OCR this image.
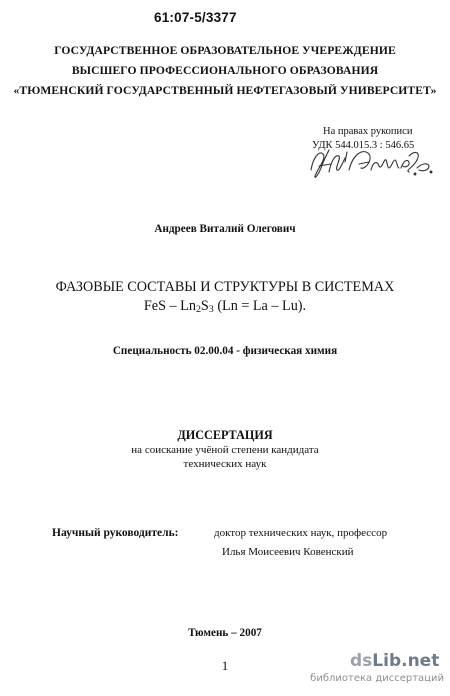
61:07-5/3377
ГОСУДАРСТВЕННОЕ ОБРАЗОВАТЕЛЬНОЕ УЧЕРЕЖДЕНИЕ
ВЫСШЕГО ПРОФЕССИОНАЛЬНОГО ОБРАЗОВАНИЯ
«ТЮМЕНСКИЙ ГОСУДАРСТВЕННЫЙ НЕФТЕГАЗОВЫЙ УНИВЕРСИТЕТ»
На правах рукописи
УДК 544.015.3 : 546.65
Андреев Виталий Олегович
ФАЗОВЫЕ СОСТАВЫ И СТРУКТУРЫ В СИСТЕМАХ
FeS – $Ln_2S_3$ (Ln = La – Lu).
Специальность 02.00.04 - физическая химия
ДИССЕРТАЦИЯ
на соискание учёной степени кандидата
технических наук
Научный руководитель:	доктор технических наук, профессор
Илья Моисеевич Ковенский
Тюмень – 2007
1	dsLib.net
библиотека диссертаций
